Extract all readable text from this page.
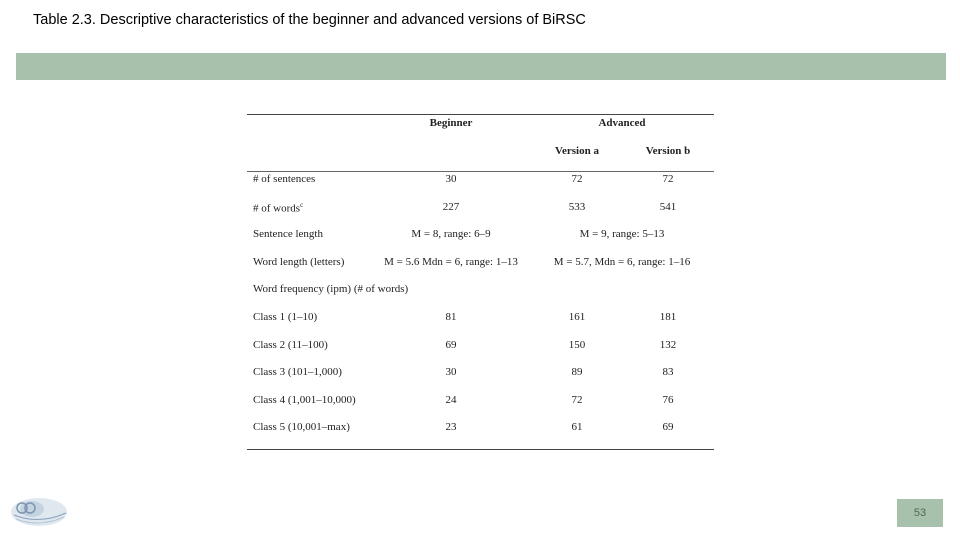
Table 2.3. Descriptive characteristics of the beginner and advanced versions of BiRSC
Beginner	Advanced
Version a	Version b
# of sentences	30	72	72
# of words$^c$	227	533	541
Sentence length	M = 8, range: 6–9	M = 9, range: 5–13
Word length (letters)	M = 5.6 Mdn = 6, range: 1–13	M = 5.7, Mdn = 6, range: 1–16
Word frequency (ipm) (# of words)
Class 1 (1–10)	81	161	181
Class 2 (11–100)	69	150	132
Class 3 (101–1,000)	30	89	83
Class 4 (1,001–10,000)	24	72	76
Class 5 (10,001–max)	23	61	69
53
